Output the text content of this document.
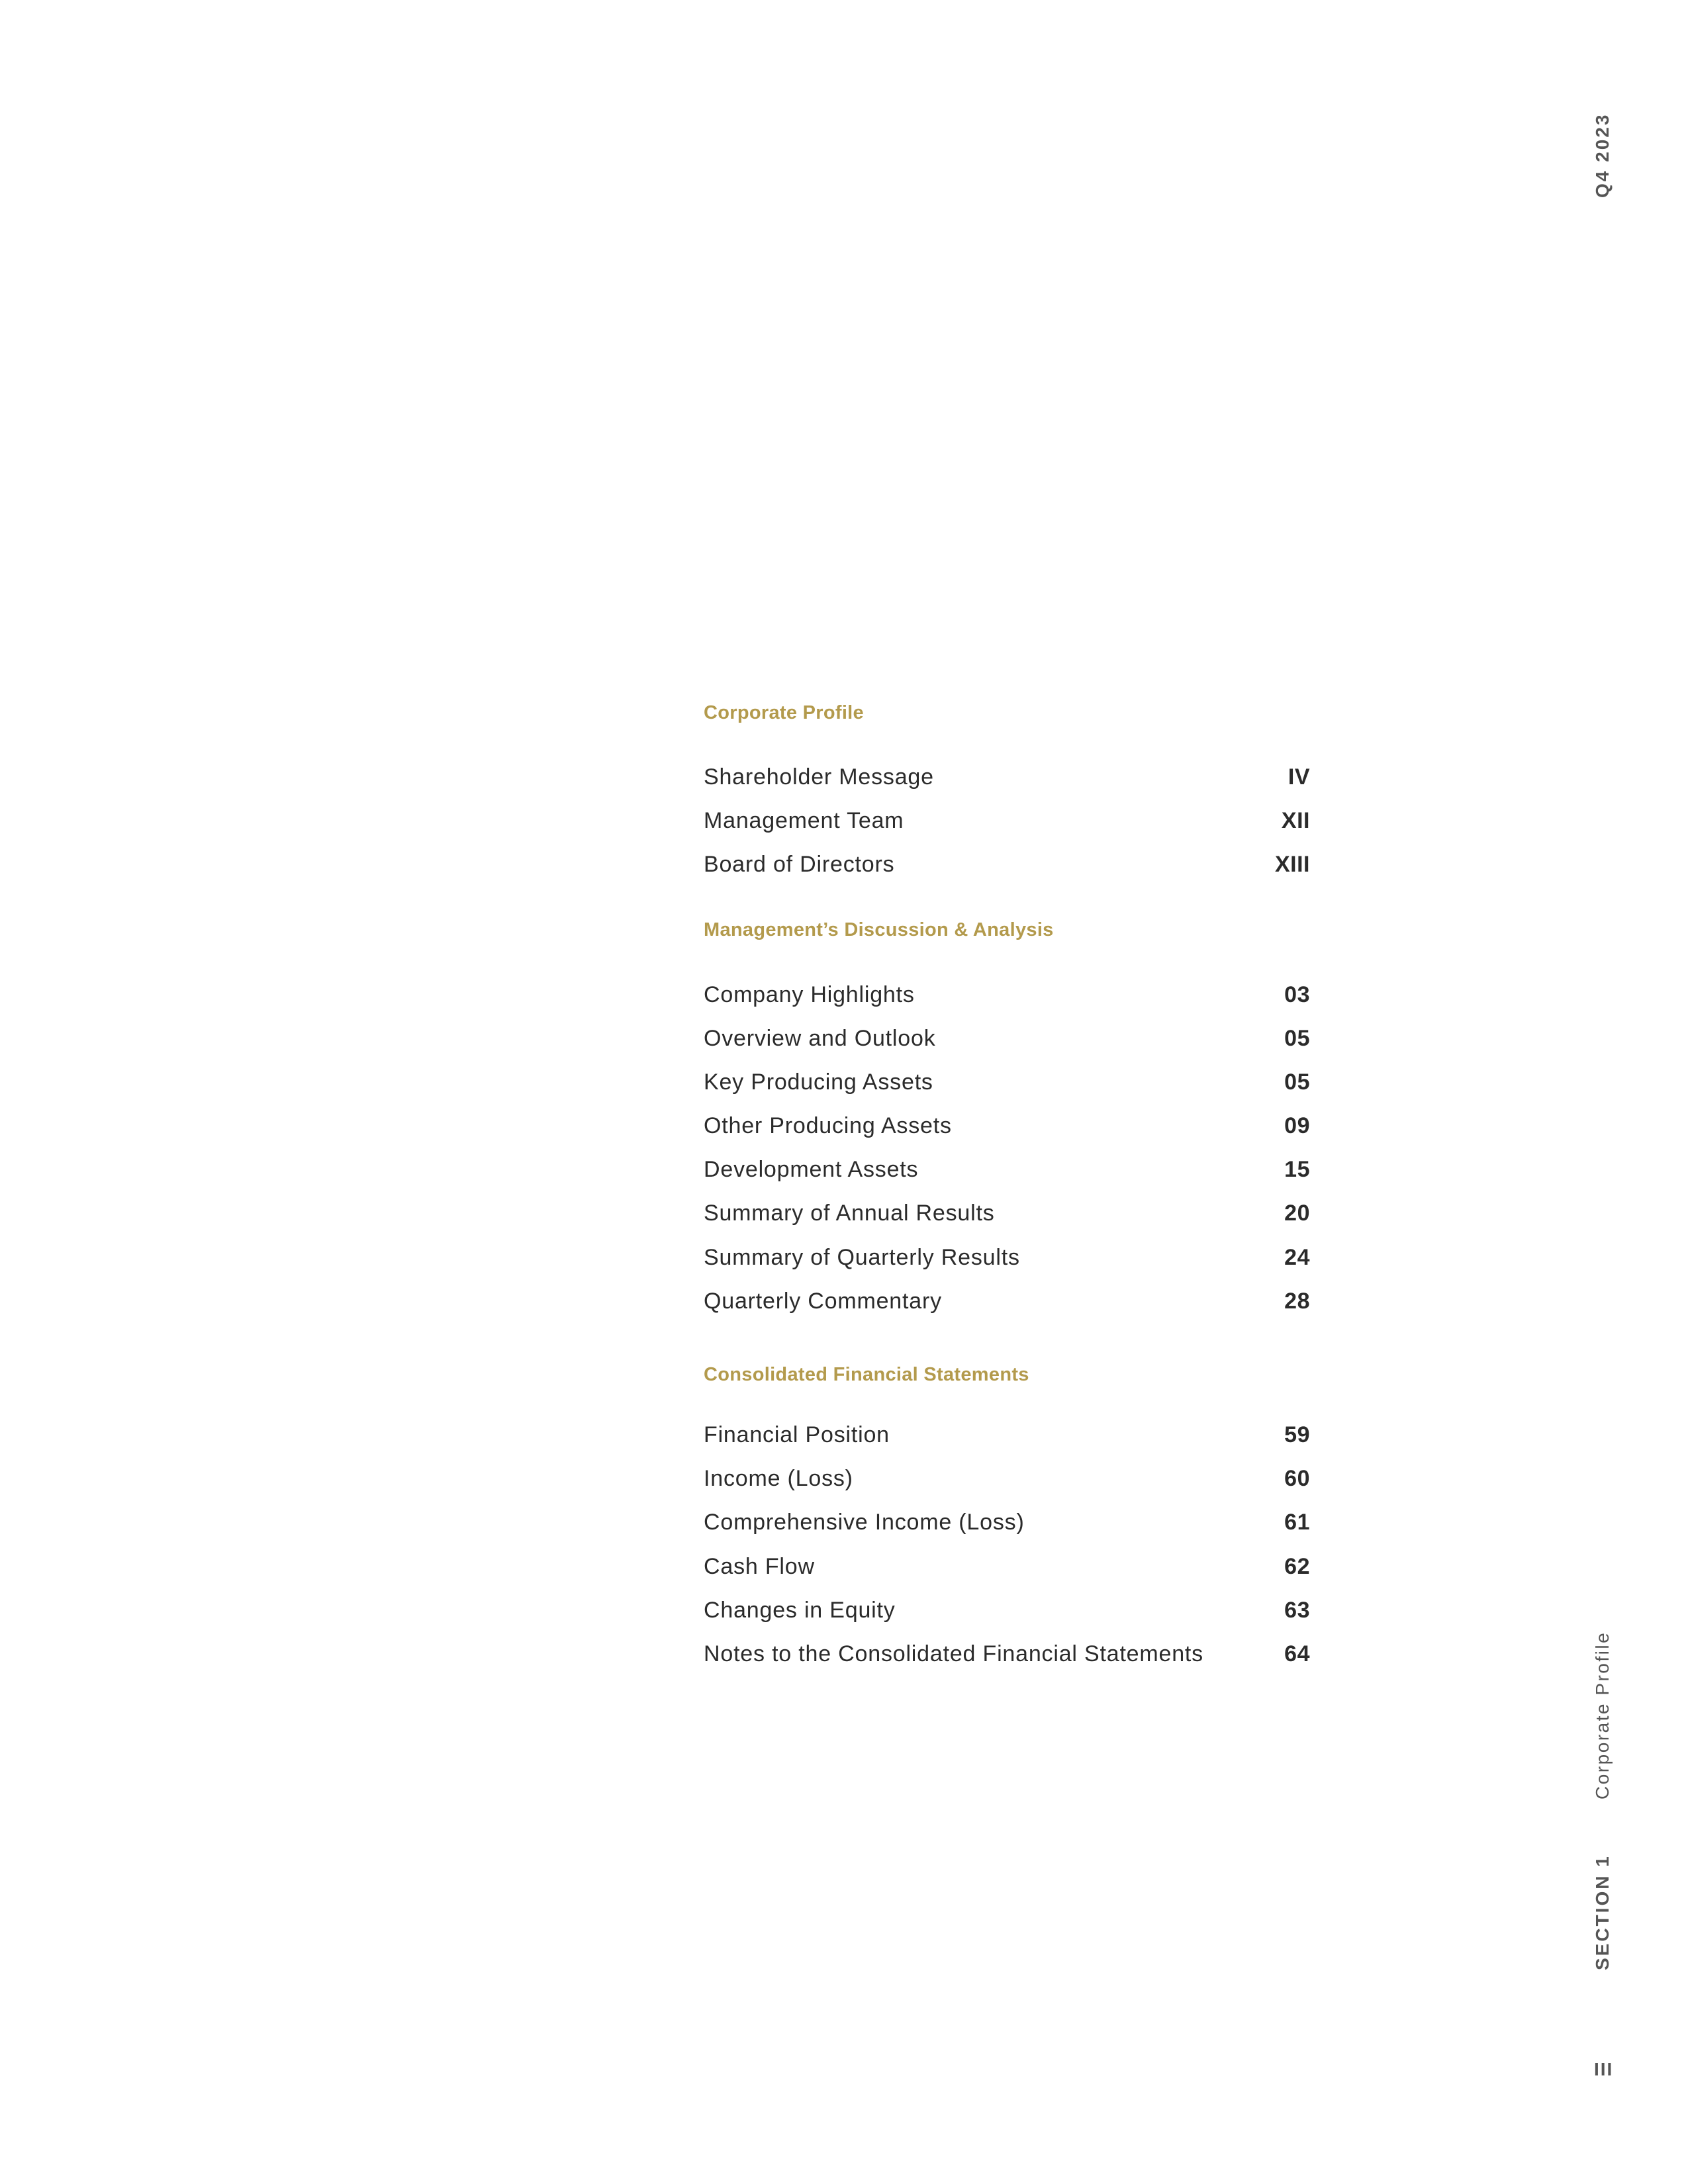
Q4 2023
Corporate Profile
Shareholder Message	IV
Management Team	XII
Board of Directors	XIII
Management’s Discussion & Analysis
Company Highlights	03
Overview and Outlook	05
Key Producing Assets	05
Other Producing Assets	09
Development Assets	15
Summary of Annual Results	20
Summary of Quarterly Results	24
Quarterly Commentary	28
Consolidated Financial Statements
Financial Position	59
Income (Loss)	60
Comprehensive Income (Loss)	61
Cash Flow	62
Changes in Equity	63
Notes to the Consolidated Financial Statements	64	Corporate Profile
SECTION 1
III
